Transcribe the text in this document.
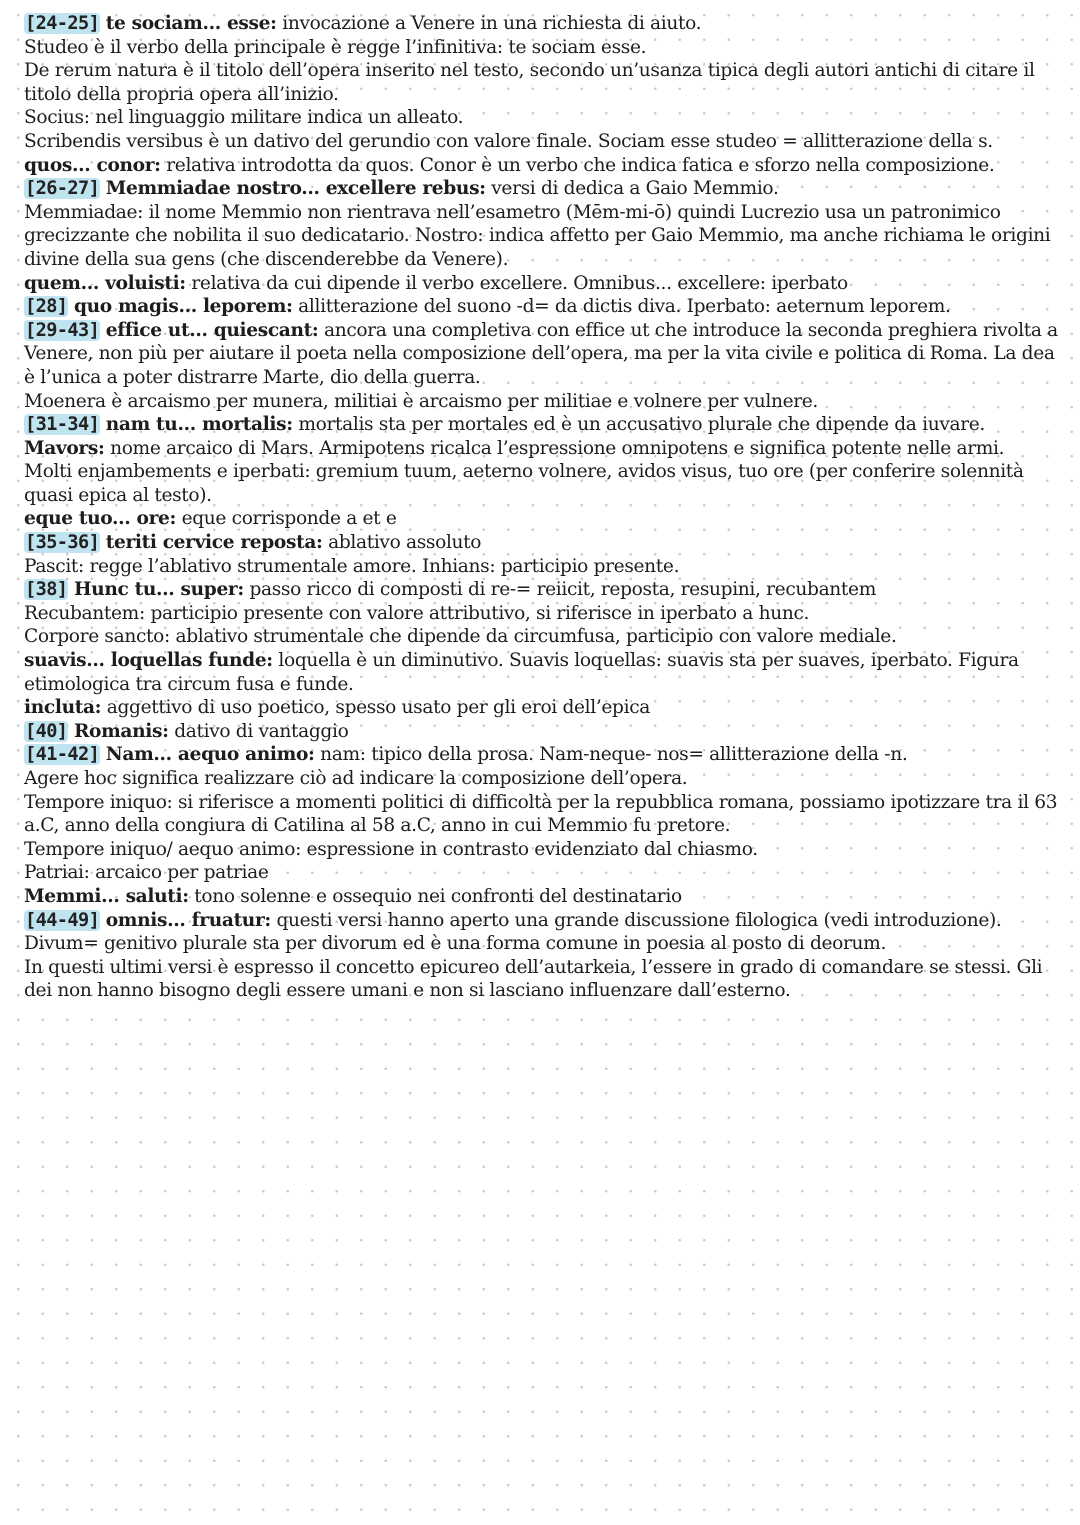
[24-25] te sociam... esse: invocazione a Venere in una richiesta di aiuto.

Studeo è il verbo della principale è regge l’infinitiva: te sociam esse.

De rerum natura è il titolo dell’opera inserito nel testo, secondo un’usanza tipica degli autori antichi di citare il titolo della propria opera all’inizio.

Socius: nel linguaggio militare indica un alleato.

Scribendis versibus è un dativo del gerundio con valore finale. Sociam esse studeo = allitterazione della s.

quos... conor: relativa introdotta da quos. Conor è un verbo che indica fatica e sforzo nella composizione.

[26-27] Memmiadae nostro... excellere rebus: versi di dedica a Gaio Memmio.

Memmiadae: il nome Memmio non rientrava nell’esametro (Mēm-mi-ō) quindi Lucrezio usa un patronimico grecizzante che nobilita il suo dedicatario. Nostro: indica affetto per Gaio Memmio, ma anche richiama le origini divine della sua gens (che discenderebbe da Venere).

quem... voluisti: relativa da cui dipende il verbo excellere. Omnibus... excellere: iperbato

[28] quo magis... leporem: allitterazione del suono -d= da dictis diva. Iperbato: aeternum leporem.

[29-43] effice ut... quiescant: ancora una completiva con effice ut che introduce la seconda preghiera rivolta a Venere, non più per aiutare il poeta nella composizione dell’opera, ma per la vita civile e politica di Roma. La dea è l’unica a poter distrarre Marte, dio della guerra.

Moenera è arcaismo per munera, militiai è arcaismo per militiae e volnere per vulnere.

[31-34] nam tu... mortalis: mortalis sta per mortales ed è un accusativo plurale che dipende da iuvare.

Mavors: nome arcaico di Mars. Armipotens ricalca l’espressione omnipotens e significa potente nelle armi.

Molti enjambements e iperbati: gremium tuum, aeterno volnere, avidos visus, tuo ore (per conferire solennità quasi epica al testo).

eque tuo... ore: eque corrisponde a et e

[35-36] teriti cervice reposta: ablativo assoluto

Pascit: regge l’ablativo strumentale amore. Inhians: participio presente.

[38] Hunc tu... super: passo ricco di composti di re-= reiicit, reposta, resupini, recubantem

Recubantem: participio presente con valore attributivo, si riferisce in iperbato a hunc.

Corpore sancto: ablativo strumentale che dipende da circumfusa, participio con valore mediale.

suavis... loquellas funde: loquella è un diminutivo. Suavis loquellas: suavis sta per suaves, iperbato. Figura etimologica tra circum fusa e funde.

incluta: aggettivo di uso poetico, spesso usato per gli eroi dell’epica

[40] Romanis: dativo di vantaggio

[41-42] Nam... aequo animo: nam: tipico della prosa. Nam-neque- nos= allitterazione della -n.

Agere hoc significa realizzare ciò ad indicare la composizione dell’opera.

Tempore iniquo: si riferisce a momenti politici di difficoltà per la repubblica romana, possiamo ipotizzare tra il 63 a.C, anno della congiura di Catilina al 58 a.C, anno in cui Memmio fu pretore.

Tempore iniquo/ aequo animo: espressione in contrasto evidenziato dal chiasmo.

Patriai: arcaico per patriae

Memmi... saluti: tono solenne e ossequio nei confronti del destinatario

[44-49] omnis... fruatur: questi versi hanno aperto una grande discussione filologica (vedi introduzione). Divum= genitivo plurale sta per divorum ed è una forma comune in poesia al posto di deorum.

In questi ultimi versi è espresso il concetto epicureo dell’autarkeia, l’essere in grado di comandare se stessi. Gli dei non hanno bisogno degli essere umani e non si lasciano influenzare dall’esterno.
